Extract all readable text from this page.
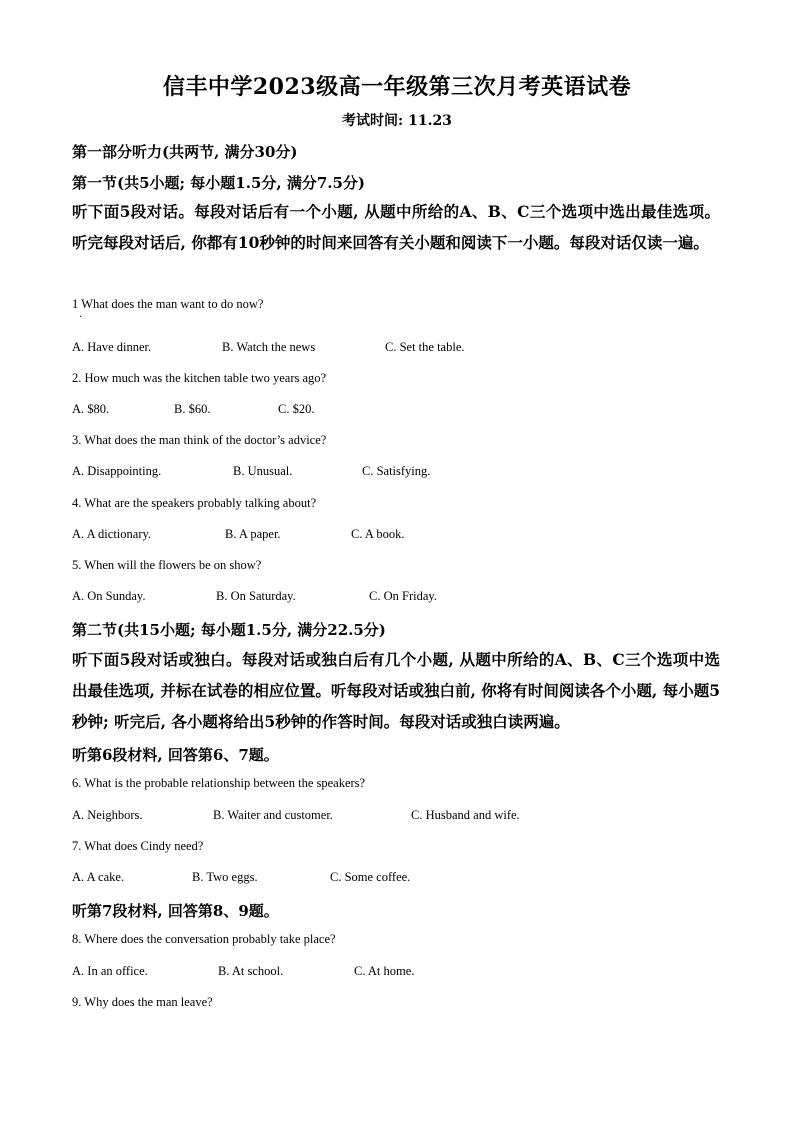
信丰中学2023级高一年级第三次月考英语试卷
考试时间: 11.23
第一部分听力(共两节, 满分30分)
第一节(共5小题; 每小题1.5分, 满分7.5分)
听下面5段对话。每段对话后有一个小题, 从题中所给的A、B、C三个选项中选出最佳选项。听完每段对话后, 你都有10秒钟的时间来回答有关小题和阅读下一小题。每段对话仅读一遍。
1 What does the man want to do now?
·
A. Have dinner.	B. Watch the news	C. Set the table.
2. How much was the kitchen table two years ago?
A. $80.	B. $60.	C. $20.
3. What does the man think of the doctor’s advice?
A. Disappointing.	B. Unusual.	C. Satisfying.
4. What are the speakers probably talking about?
A. A dictionary.	B. A paper.	C. A book.
5. When will the flowers be on show?
A. On Sunday.	B. On Saturday.	C. On Friday.
第二节(共15小题; 每小题1.5分, 满分22.5分)
听下面5段对话或独白。每段对话或独白后有几个小题, 从题中所给的A、B、C三个选项中选出最佳选项, 并标在试卷的相应位置。听每段对话或独白前, 你将有时间阅读各个小题, 每小题5秒钟; 听完后, 各小题将给出5秒钟的作答时间。每段对话或独白读两遍。
听第6段材料, 回答第6、7题。
6. What is the probable relationship between the speakers?
A. Neighbors.	B. Waiter and customer.	C. Husband and wife.
7. What does Cindy need?
A. A cake.	B. Two eggs.	C. Some coffee.
听第7段材料, 回答第8、9题。
8. Where does the conversation probably take place?
A. In an office.	B. At school.	C. At home.
9. Why does the man leave?
